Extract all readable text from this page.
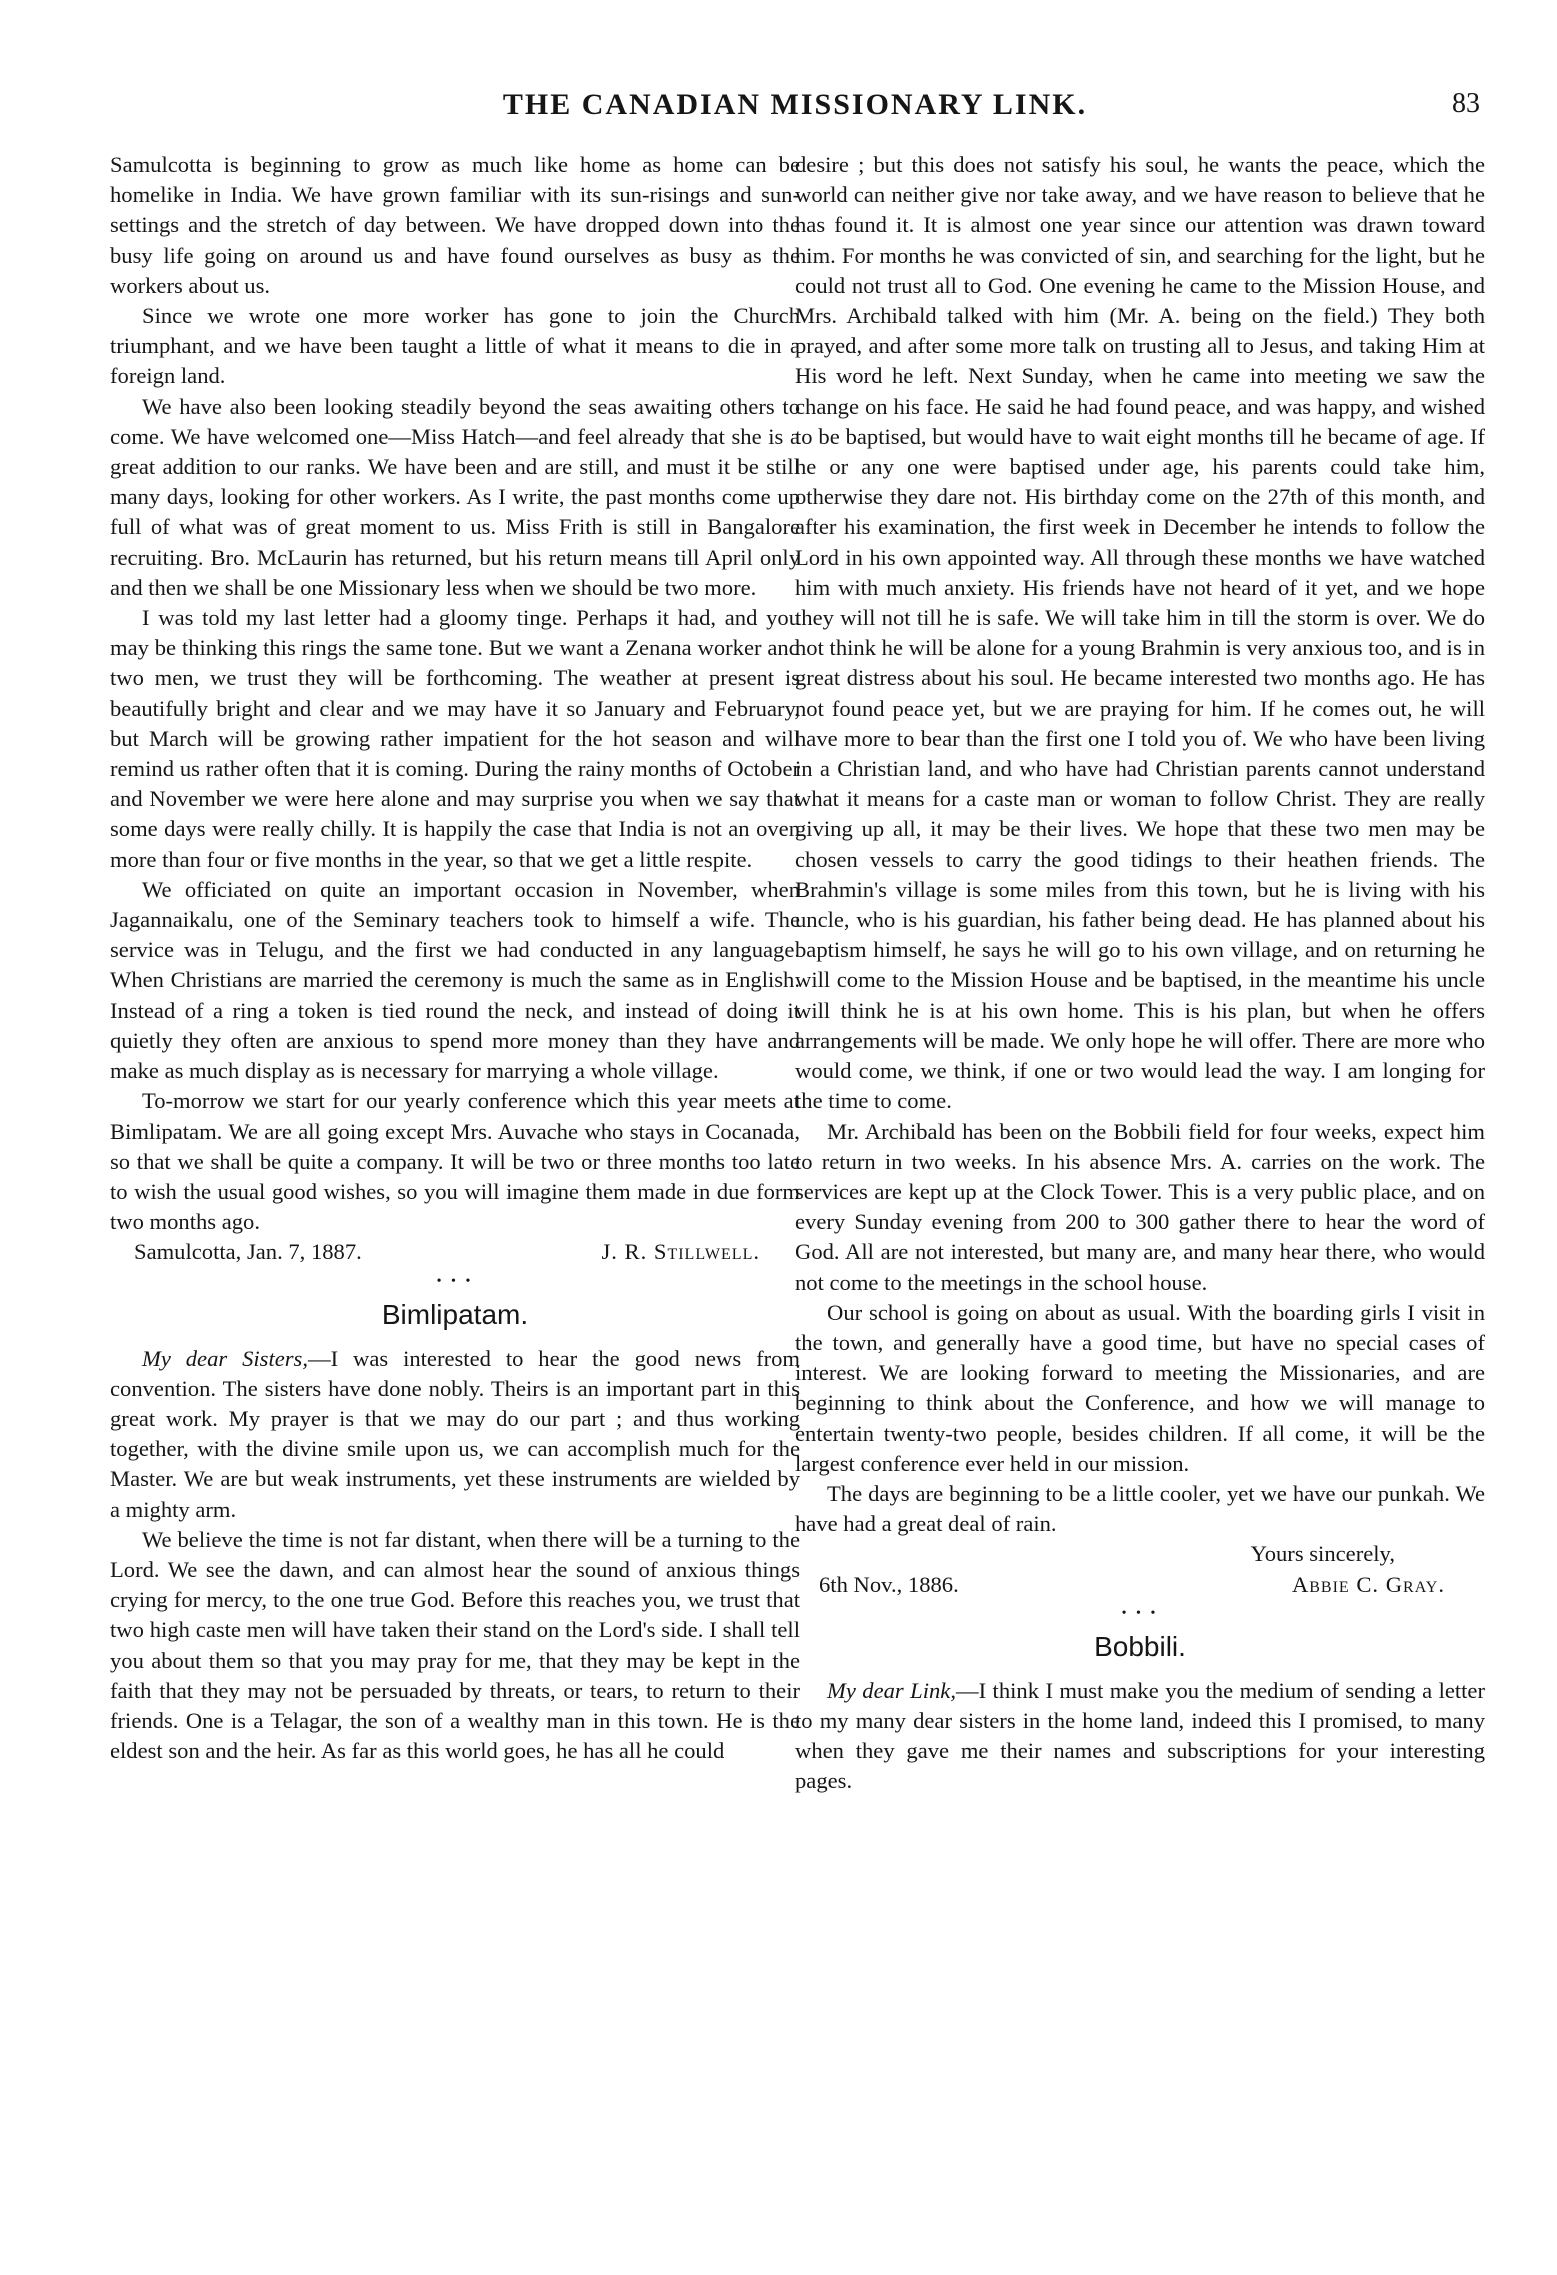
THE CANADIAN MISSIONARY LINK.	83

Samulcotta is beginning to grow as much like home as home can be homelike in India. We have grown familiar with its sun-risings and sun-settings and the stretch of day between. We have dropped down into the busy life going on around us and have found ourselves as busy as the workers about us.

Since we wrote one more worker has gone to join the Church triumphant, and we have been taught a little of what it means to die in a foreign land.

We have also been looking steadily beyond the seas awaiting others to come. We have welcomed one—Miss Hatch—and feel already that she is a great addition to our ranks. We have been and are still, and must it be still many days, looking for other workers. As I write, the past months come up full of what was of great moment to us. Miss Frith is still in Bangalore recruiting. Bro. McLaurin has returned, but his return means till April only and then we shall be one Missionary less when we should be two more.

I was told my last letter had a gloomy tinge. Perhaps it had, and you may be thinking this rings the same tone. But we want a Zenana worker and two men, we trust they will be forthcoming. The weather at present is beautifully bright and clear and we may have it so January and February, but March will be growing rather impatient for the hot season and will remind us rather often that it is coming. During the rainy months of October and November we were here alone and may surprise you when we say that some days were really chilly. It is happily the case that India is not an oven more than four or five months in the year, so that we get a little respite.

We officiated on quite an important occasion in November, when Jagannaikalu, one of the Seminary teachers took to himself a wife. The service was in Telugu, and the first we had conducted in any language. When Christians are married the ceremony is much the same as in English. Instead of a ring a token is tied round the neck, and instead of doing it quietly they often are anxious to spend more money than they have and make as much display as is necessary for marrying a whole village.

To-morrow we start for our yearly conference which this year meets at Bimlipatam. We are all going except Mrs. Auvache who stays in Cocanada, so that we shall be quite a company. It will be two or three months too late to wish the usual good wishes, so you will imagine them made in due form two months ago.

Samulcotta, Jan. 7, 1887.	J. R. Stillwell.
• • •
Bimlipatam.

My dear Sisters,—I was interested to hear the good news from convention. The sisters have done nobly. Theirs is an important part in this great work. My prayer is that we may do our part ; and thus working together, with the divine smile upon us, we can accomplish much for the Master. We are but weak instruments, yet these instruments are wielded by a mighty arm.

We believe the time is not far distant, when there will be a turning to the Lord. We see the dawn, and can almost hear the sound of anxious things crying for mercy, to the one true God. Before this reaches you, we trust that two high caste men will have taken their stand on the Lord's side. I shall tell you about them so that you may pray for me, that they may be kept in the faith that they may not be persuaded by threats, or tears, to return to their friends. One is a Telagar, the son of a wealthy man in this town. He is the eldest son and the heir. As far as this world goes, he has all he could

desire ; but this does not satisfy his soul, he wants the peace, which the world can neither give nor take away, and we have reason to believe that he has found it. It is almost one year since our attention was drawn toward him. For months he was convicted of sin, and searching for the light, but he could not trust all to God. One evening he came to the Mission House, and Mrs. Archibald talked with him (Mr. A. being on the field.) They both prayed, and after some more talk on trusting all to Jesus, and taking Him at His word he left. Next Sunday, when he came into meeting we saw the change on his face. He said he had found peace, and was happy, and wished to be baptised, but would have to wait eight months till he became of age. If he or any one were baptised under age, his parents could take him, otherwise they dare not. His birthday come on the 27th of this month, and after his examination, the first week in December he intends to follow the Lord in his own appointed way. All through these months we have watched him with much anxiety. His friends have not heard of it yet, and we hope they will not till he is safe. We will take him in till the storm is over. We do not think he will be alone for a young Brahmin is very anxious too, and is in great distress about his soul. He became interested two months ago. He has not found peace yet, but we are praying for him. If he comes out, he will have more to bear than the first one I told you of. We who have been living in a Christian land, and who have had Christian parents cannot understand what it means for a caste man or woman to follow Christ. They are really giving up all, it may be their lives. We hope that these two men may be chosen vessels to carry the good tidings to their heathen friends. The Brahmin's village is some miles from this town, but he is living with his uncle, who is his guardian, his father being dead. He has planned about his baptism himself, he says he will go to his own village, and on returning he will come to the Mission House and be baptised, in the meantime his uncle will think he is at his own home. This is his plan, but when he offers arrangements will be made. We only hope he will offer. There are more who would come, we think, if one or two would lead the way. I am longing for the time to come.

Mr. Archibald has been on the Bobbili field for four weeks, expect him to return in two weeks. In his absence Mrs. A. carries on the work. The services are kept up at the Clock Tower. This is a very public place, and on every Sunday evening from 200 to 300 gather there to hear the word of God. All are not interested, but many are, and many hear there, who would not come to the meetings in the school house.

Our school is going on about as usual. With the boarding girls I visit in the town, and generally have a good time, but have no special cases of interest. We are looking forward to meeting the Missionaries, and are beginning to think about the Conference, and how we will manage to entertain twenty-two people, besides children. If all come, it will be the largest conference ever held in our mission.

The days are beginning to be a little cooler, yet we have our punkah. We have had a great deal of rain.

Yours sincerely,
6th Nov., 1886.	Abbie C. Gray.
• • •
Bobbili.

My dear Link,—I think I must make you the medium of sending a letter to my many dear sisters in the home land, indeed this I promised, to many when they gave me their names and subscriptions for your interesting pages.
